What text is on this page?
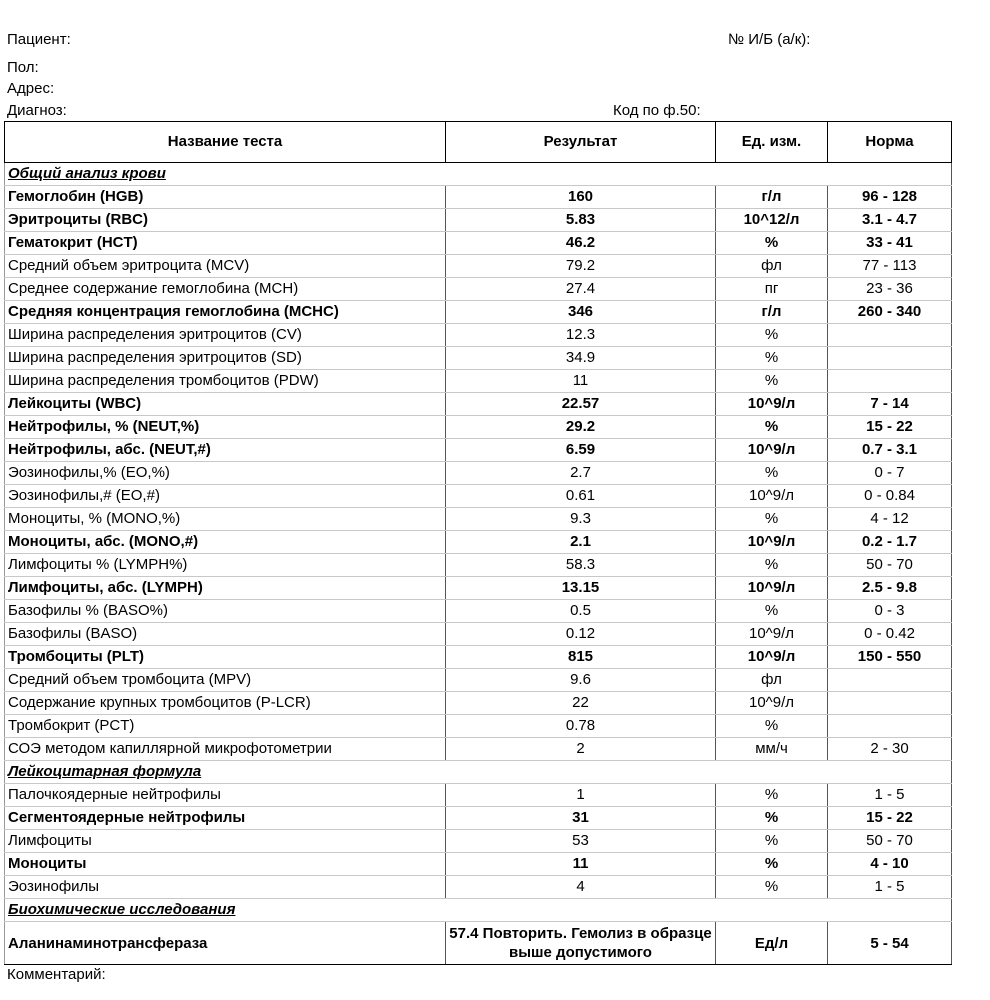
Пациент:	№ И/Б (а/к):
Пол:
Адрес:
Диагноз:	Код по ф.50:
Название теста	Результат	Ед. изм.	Норма
Общий анализ крови			
Гемоглобин (HGB)	160	г/л	96 - 128
Эритроциты (RBC)	5.83	10^12/л	3.1 - 4.7
Гематокрит (HCT)	46.2	%	33 - 41
Средний объем эритроцита (MCV)	79.2	фл	77 - 113
Среднее содержание гемоглобина (MCH)	27.4	пг	23 - 36
Средняя концентрация гемоглобина (MCHC)	346	г/л	260 - 340
Ширина распределения эритроцитов (CV)	12.3	%	
Ширина распределения эритроцитов (SD)	34.9	%	
Ширина распределения тромбоцитов (PDW)	11	%	
Лейкоциты (WBC)	22.57	10^9/л	7 - 14
Нейтрофилы, % (NEUT,%)	29.2	%	15 - 22
Нейтрофилы, абс. (NEUT,#)	6.59	10^9/л	0.7 - 3.1
Эозинофилы,% (EO,%)	2.7	%	0 - 7
Эозинофилы,# (EO,#)	0.61	10^9/л	0 - 0.84
Моноциты, % (MONO,%)	9.3	%	4 - 12
Моноциты, абс. (MONO,#)	2.1	10^9/л	0.2 - 1.7
Лимфоциты % (LYMPH%)	58.3	%	50 - 70
Лимфоциты, абс. (LYMPH)	13.15	10^9/л	2.5 - 9.8
Базофилы % (BASO%)	0.5	%	0 - 3
Базофилы (BASO)	0.12	10^9/л	0 - 0.42
Тромбоциты (PLT)	815	10^9/л	150 - 550
Средний объем тромбоцита (MPV)	9.6	фл	
Содержание крупных тромбоцитов (P-LCR)	22	10^9/л	
Тромбокрит (PCT)	0.78	%	
СОЭ методом капиллярной микрофотометрии	2	мм/ч	2 - 30
Лейкоцитарная формула			
Палочкоядерные нейтрофилы	1	%	1 - 5
Сегментоядерные нейтрофилы	31	%	15 - 22
Лимфоциты	53	%	50 - 70
Моноциты	11	%	4 - 10
Эозинофилы	4	%	1 - 5
Биохимические исследования			
Аланинаминотрансфераза	57.4 Повторить. Гемолиз в образце выше допустимого	Ед/л	5 - 54
Комментарий:
